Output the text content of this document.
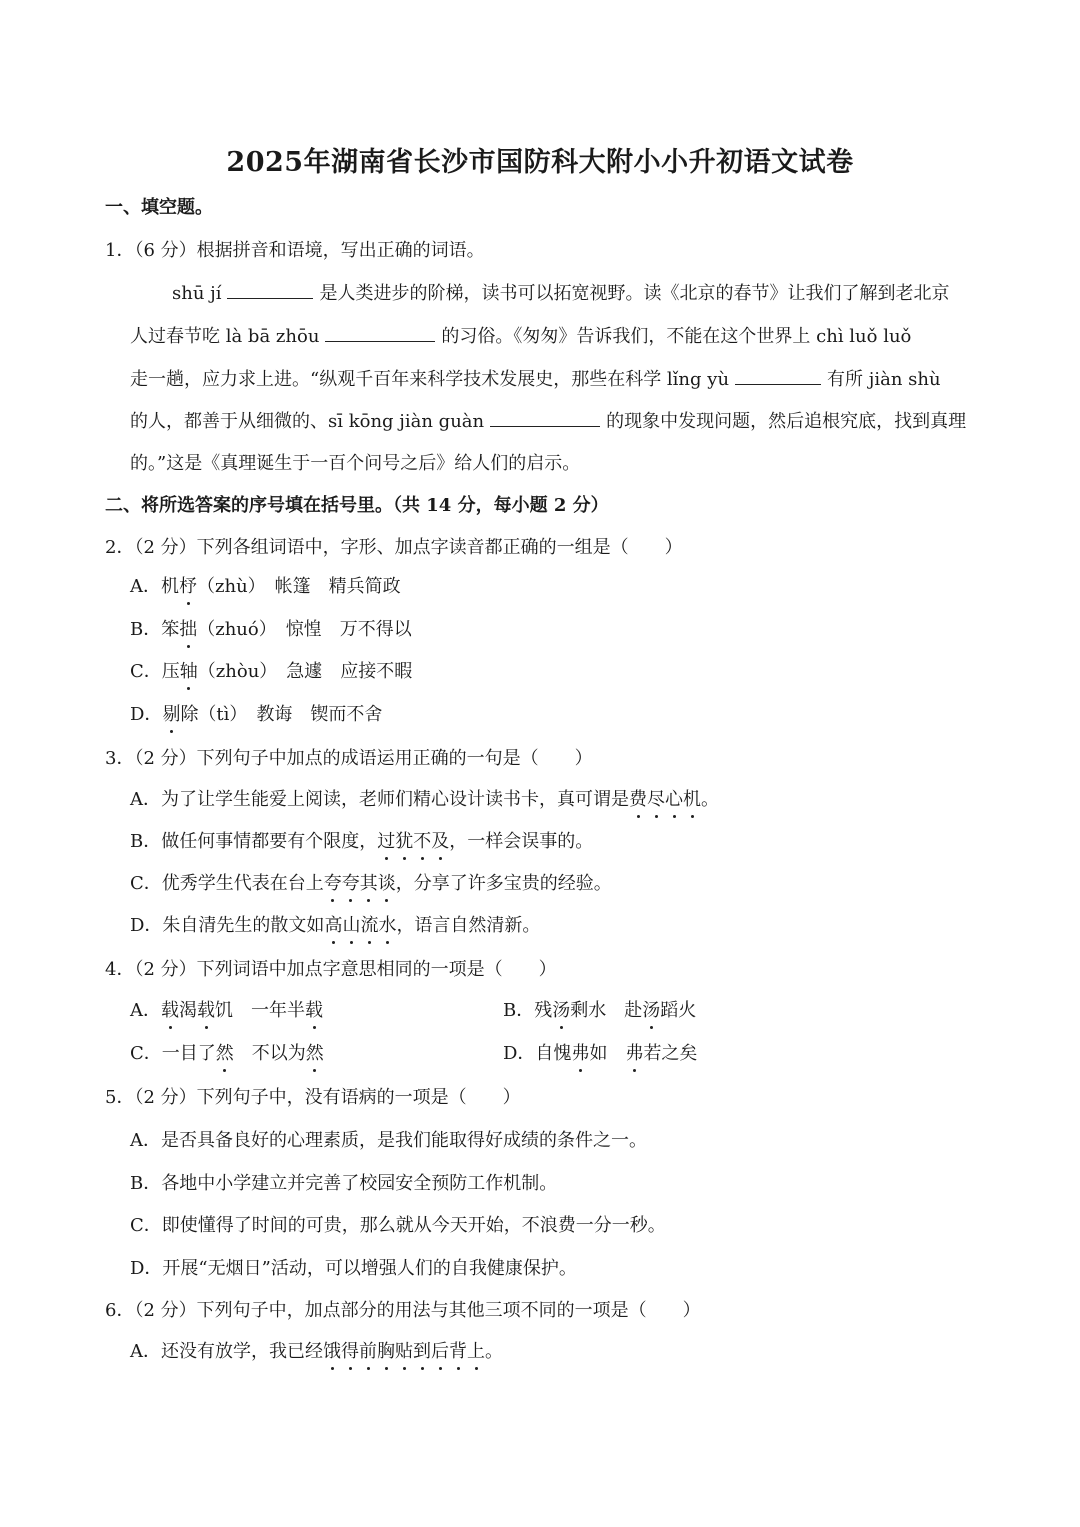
2025年湖南省长沙市国防科大附小小升初语文试卷
一、填空题。
1．（6 分）根据拼音和语境，写出正确的词语。
shū jí	是人类进步的阶梯，读书可以拓宽视野。读《北京的春节》让我们了解到老北京
人过春节吃 là bā zhōu	的习俗。《匆匆》告诉我们，不能在这个世界上 chì luǒ luǒ
走一趟，应力求上进。“纵观千百年来科学技术发展史，那些在科学 lǐng yù	有所 jiàn shù
的人，都善于从细微的、sī kōng jiàn guàn	的现象中发现问题，然后追根究底，找到真理
的。”这是《真理诞生于一百个问号之后》给人们的启示。
二、将所选答案的序号填在括号里。（共 14 分，每小题 2 分）
2．（2 分）下列各组词语中，字形、加点字读音都正确的一组是（　　）
A．机杼（zhù）　帐篷　精兵简政
B．笨拙（zhuó）　惊惶　万不得以
C．压轴（zhòu）　急遽　应接不暇
D．剔除（tì）　教诲　锲而不舍
3．（2 分）下列句子中加点的成语运用正确的一句是（　　）
A．为了让学生能爱上阅读，老师们精心设计读书卡，真可谓是费尽心机。
B．做任何事情都要有个限度，过犹不及，一样会误事的。
C．优秀学生代表在台上夸夸其谈，分享了许多宝贵的经验。
D．朱自清先生的散文如高山流水，语言自然清新。
4．（2 分）下列词语中加点字意思相同的一项是（　　）
A．载渴载饥　一年半载	B．残汤剩水　赴汤蹈火
C．一目了然　不以为然	D．自愧弗如　弗若之矣
5．（2 分）下列句子中，没有语病的一项是（　　）
A．是否具备良好的心理素质，是我们能取得好成绩的条件之一。
B．各地中小学建立并完善了校园安全预防工作机制。
C．即使懂得了时间的可贵，那么就从今天开始，不浪费一分一秒。
D．开展“无烟日”活动，可以增强人们的自我健康保护。
6．（2 分）下列句子中，加点部分的用法与其他三项不同的一项是（　　）
A．还没有放学，我已经饿得前胸贴到后背上。
